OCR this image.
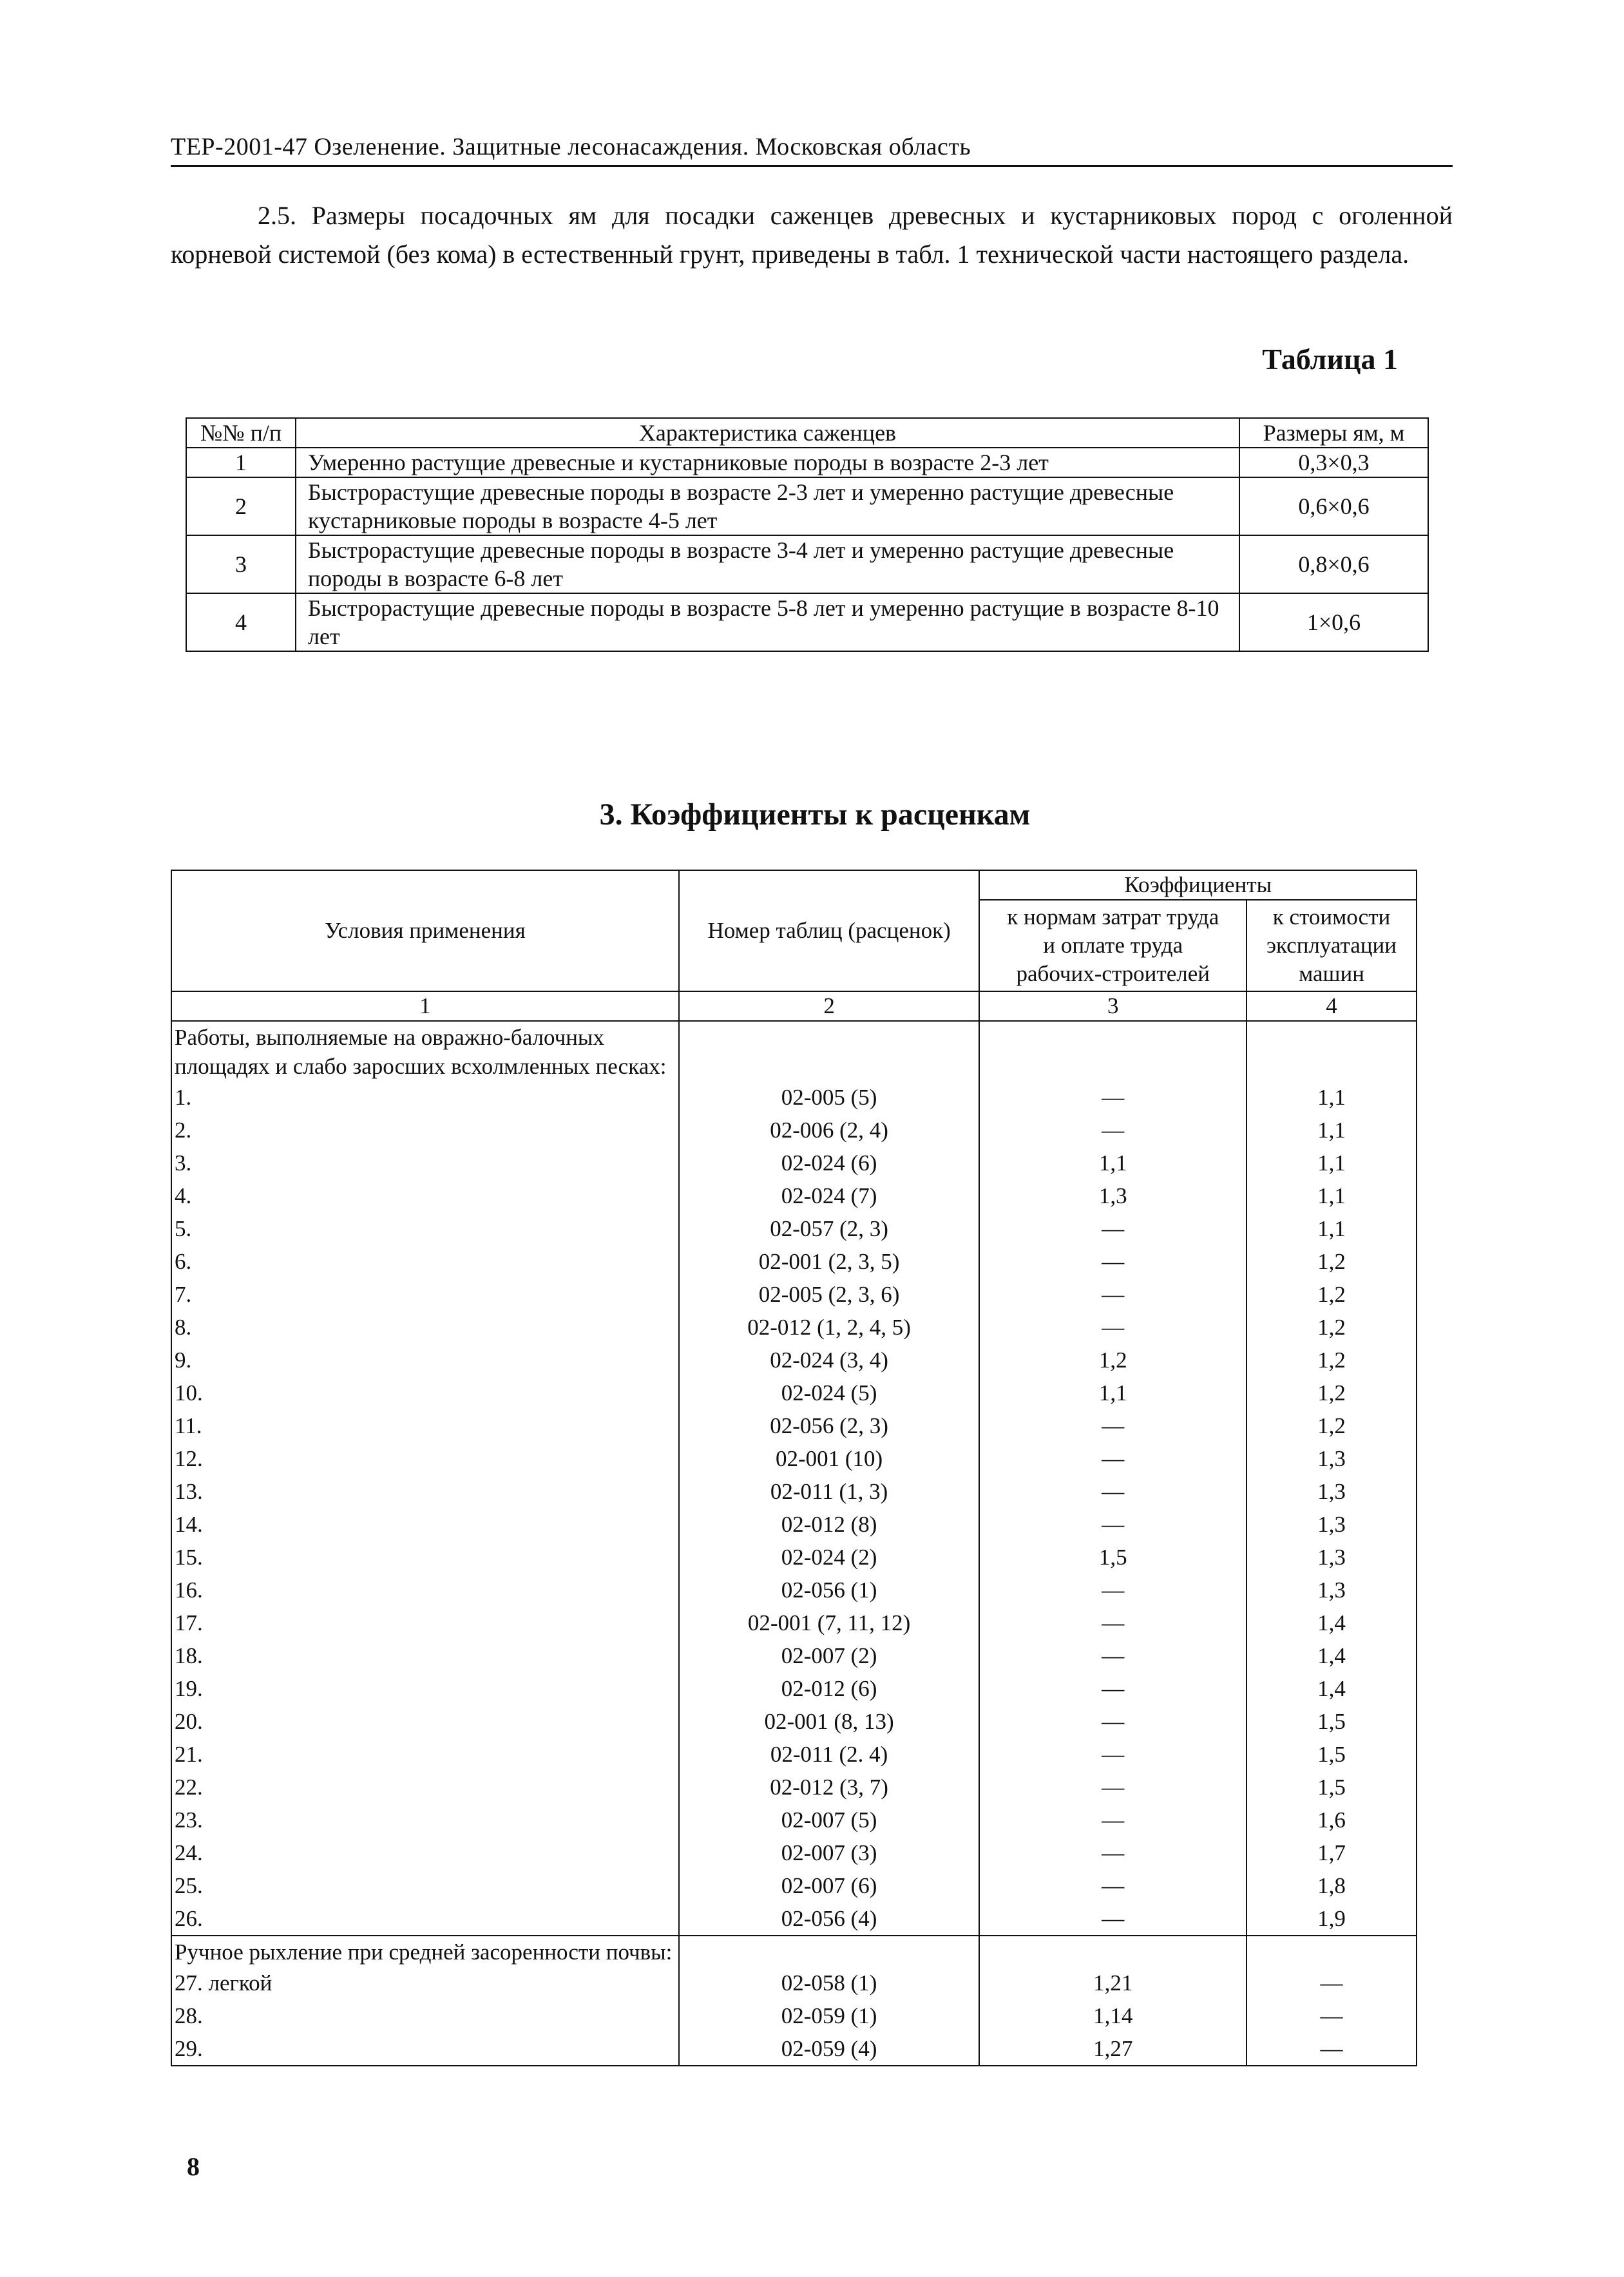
ТЕР-2001-47 Озеленение. Защитные лесонасаждения. Московская область
2.5. Размеры посадочных ям для посадки саженцев древесных и кустарниковых пород с оголенной корневой системой (без кома) в естественный грунт, приведены в табл. 1 технической части настоящего раздела.
Таблица 1
№№ п/п	Характеристика саженцев	Размеры ям, м
1	Умеренно растущие древесные и кустарниковые породы в возрасте 2-3 лет	0,3×0,3
2	Быстрорастущие древесные породы в возрасте 2-3 лет и умеренно растущие древесные кустарниковые породы в возрасте 4-5 лет	0,6×0,6
3	Быстрорастущие древесные породы в возрасте 3-4 лет и умеренно растущие древесные породы в возрасте 6-8 лет	0,8×0,6
4	Быстрорастущие древесные породы в возрасте 5-8 лет и умеренно растущие в возрасте 8-10 лет	1×0,6
3. Коэффициенты к расценкам
Условия применения	Номер таблиц (расценок)	Коэффициенты	
		к нормам затрат труда и оплате труда рабочих-строителей	к стоимости эксплуатации машин
1	2	3	4
Работы, выполняемые на овражно-балочных площадях и слабо заросших всхолмленных песках:			
1.	02-005 (5)	—	1,1
2.	02-006 (2, 4)	—	1,1
3.	02-024 (6)	1,1	1,1
4.	02-024 (7)	1,3	1,1
5.	02-057 (2, 3)	—	1,1
6.	02-001 (2, 3, 5)	—	1,2
7.	02-005 (2, 3, 6)	—	1,2
8.	02-012 (1, 2, 4, 5)	—	1,2
9.	02-024 (3, 4)	1,2	1,2
10.	02-024 (5)	1,1	1,2
11.	02-056 (2, 3)	—	1,2
12.	02-001 (10)	—	1,3
13.	02-011 (1, 3)	—	1,3
14.	02-012 (8)	—	1,3
15.	02-024 (2)	1,5	1,3
16.	02-056 (1)	—	1,3
17.	02-001 (7, 11, 12)	—	1,4
18.	02-007 (2)	—	1,4
19.	02-012 (6)	—	1,4
20.	02-001 (8, 13)	—	1,5
21.	02-011 (2. 4)	—	1,5
22.	02-012 (3, 7)	—	1,5
23.	02-007 (5)	—	1,6
24.	02-007 (3)	—	1,7
25.	02-007 (6)	—	1,8
26.	02-056 (4)	—	1,9
Ручное рыхление при средней засоренности почвы:			
27. легкой	02-058 (1)	1,21	—
28.	02-059 (1)	1,14	—
29.	02-059 (4)	1,27	—
8
